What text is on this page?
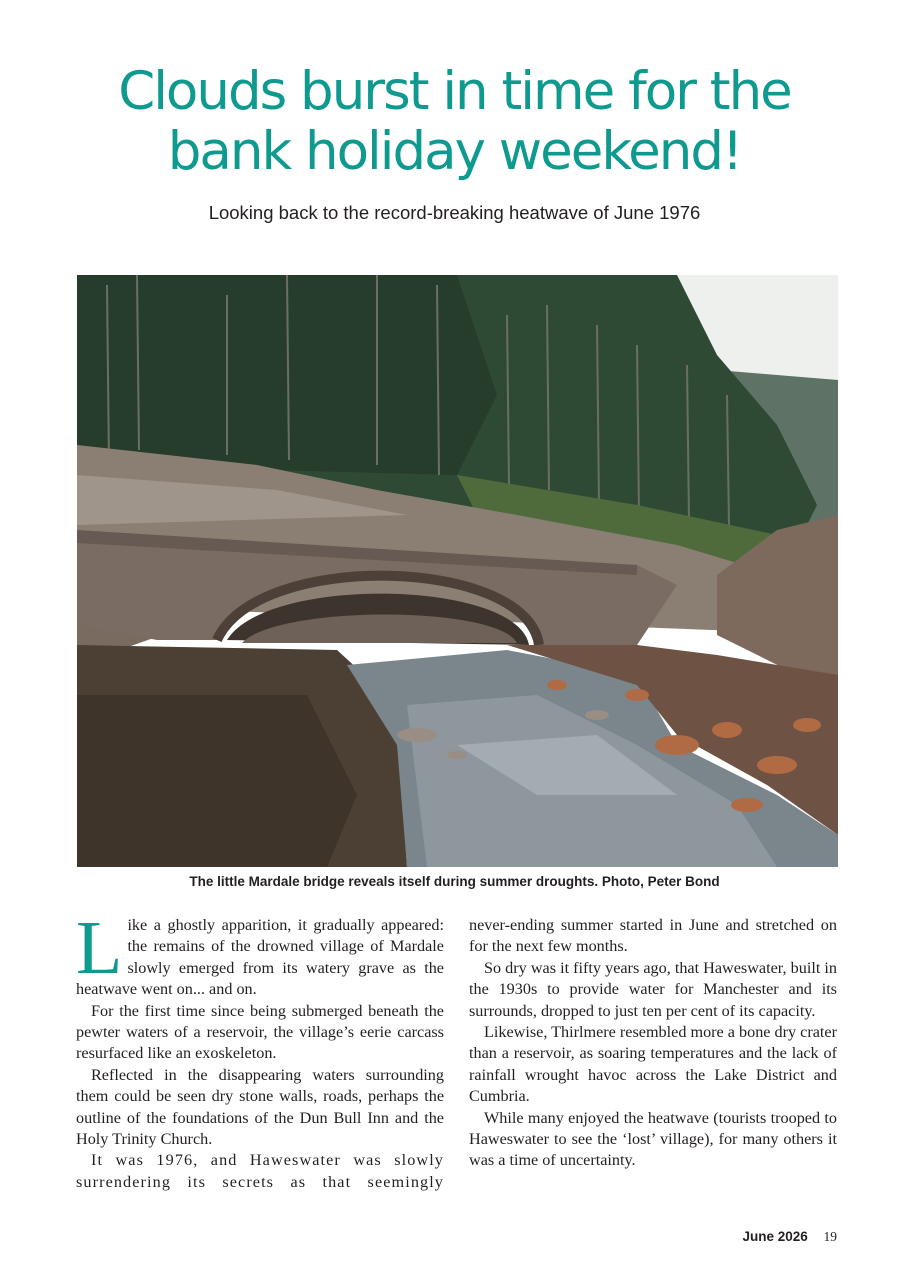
Clouds burst in time for the
bank holiday weekend!
Looking back to the record-breaking heatwave of June 1976
The little Mardale bridge reveals itself during summer droughts. Photo, Peter Bond

Like a ghostly apparition, it gradually appeared: the remains of the drowned village of Mardale slowly emerged from its watery grave as the heatwave went on... and on.

For the first time since being submerged beneath the pewter waters of a reservoir, the village’s eerie carcass resurfaced like an exoskeleton.

Reflected in the disappearing waters surrounding them could be seen dry stone walls, roads, perhaps the outline of the foundations of the Dun Bull Inn and the Holy Trinity Church.

It was 1976, and Haweswater was slowly surrendering its secrets as that seemingly

never-ending summer started in June and stretched on for the next few months.

So dry was it fifty years ago, that Haweswater, built in the 1930s to provide water for Manchester and its surrounds, dropped to just ten per cent of its capacity.

Likewise, Thirlmere resembled more a bone dry crater than a reservoir, as soaring temperatures and the lack of rainfall wrought havoc across the Lake District and Cumbria.

While many enjoyed the heatwave (tourists trooped to Haweswater to see the ‘lost’ village), for many others it was a time of uncertainty.

June 2026 19
